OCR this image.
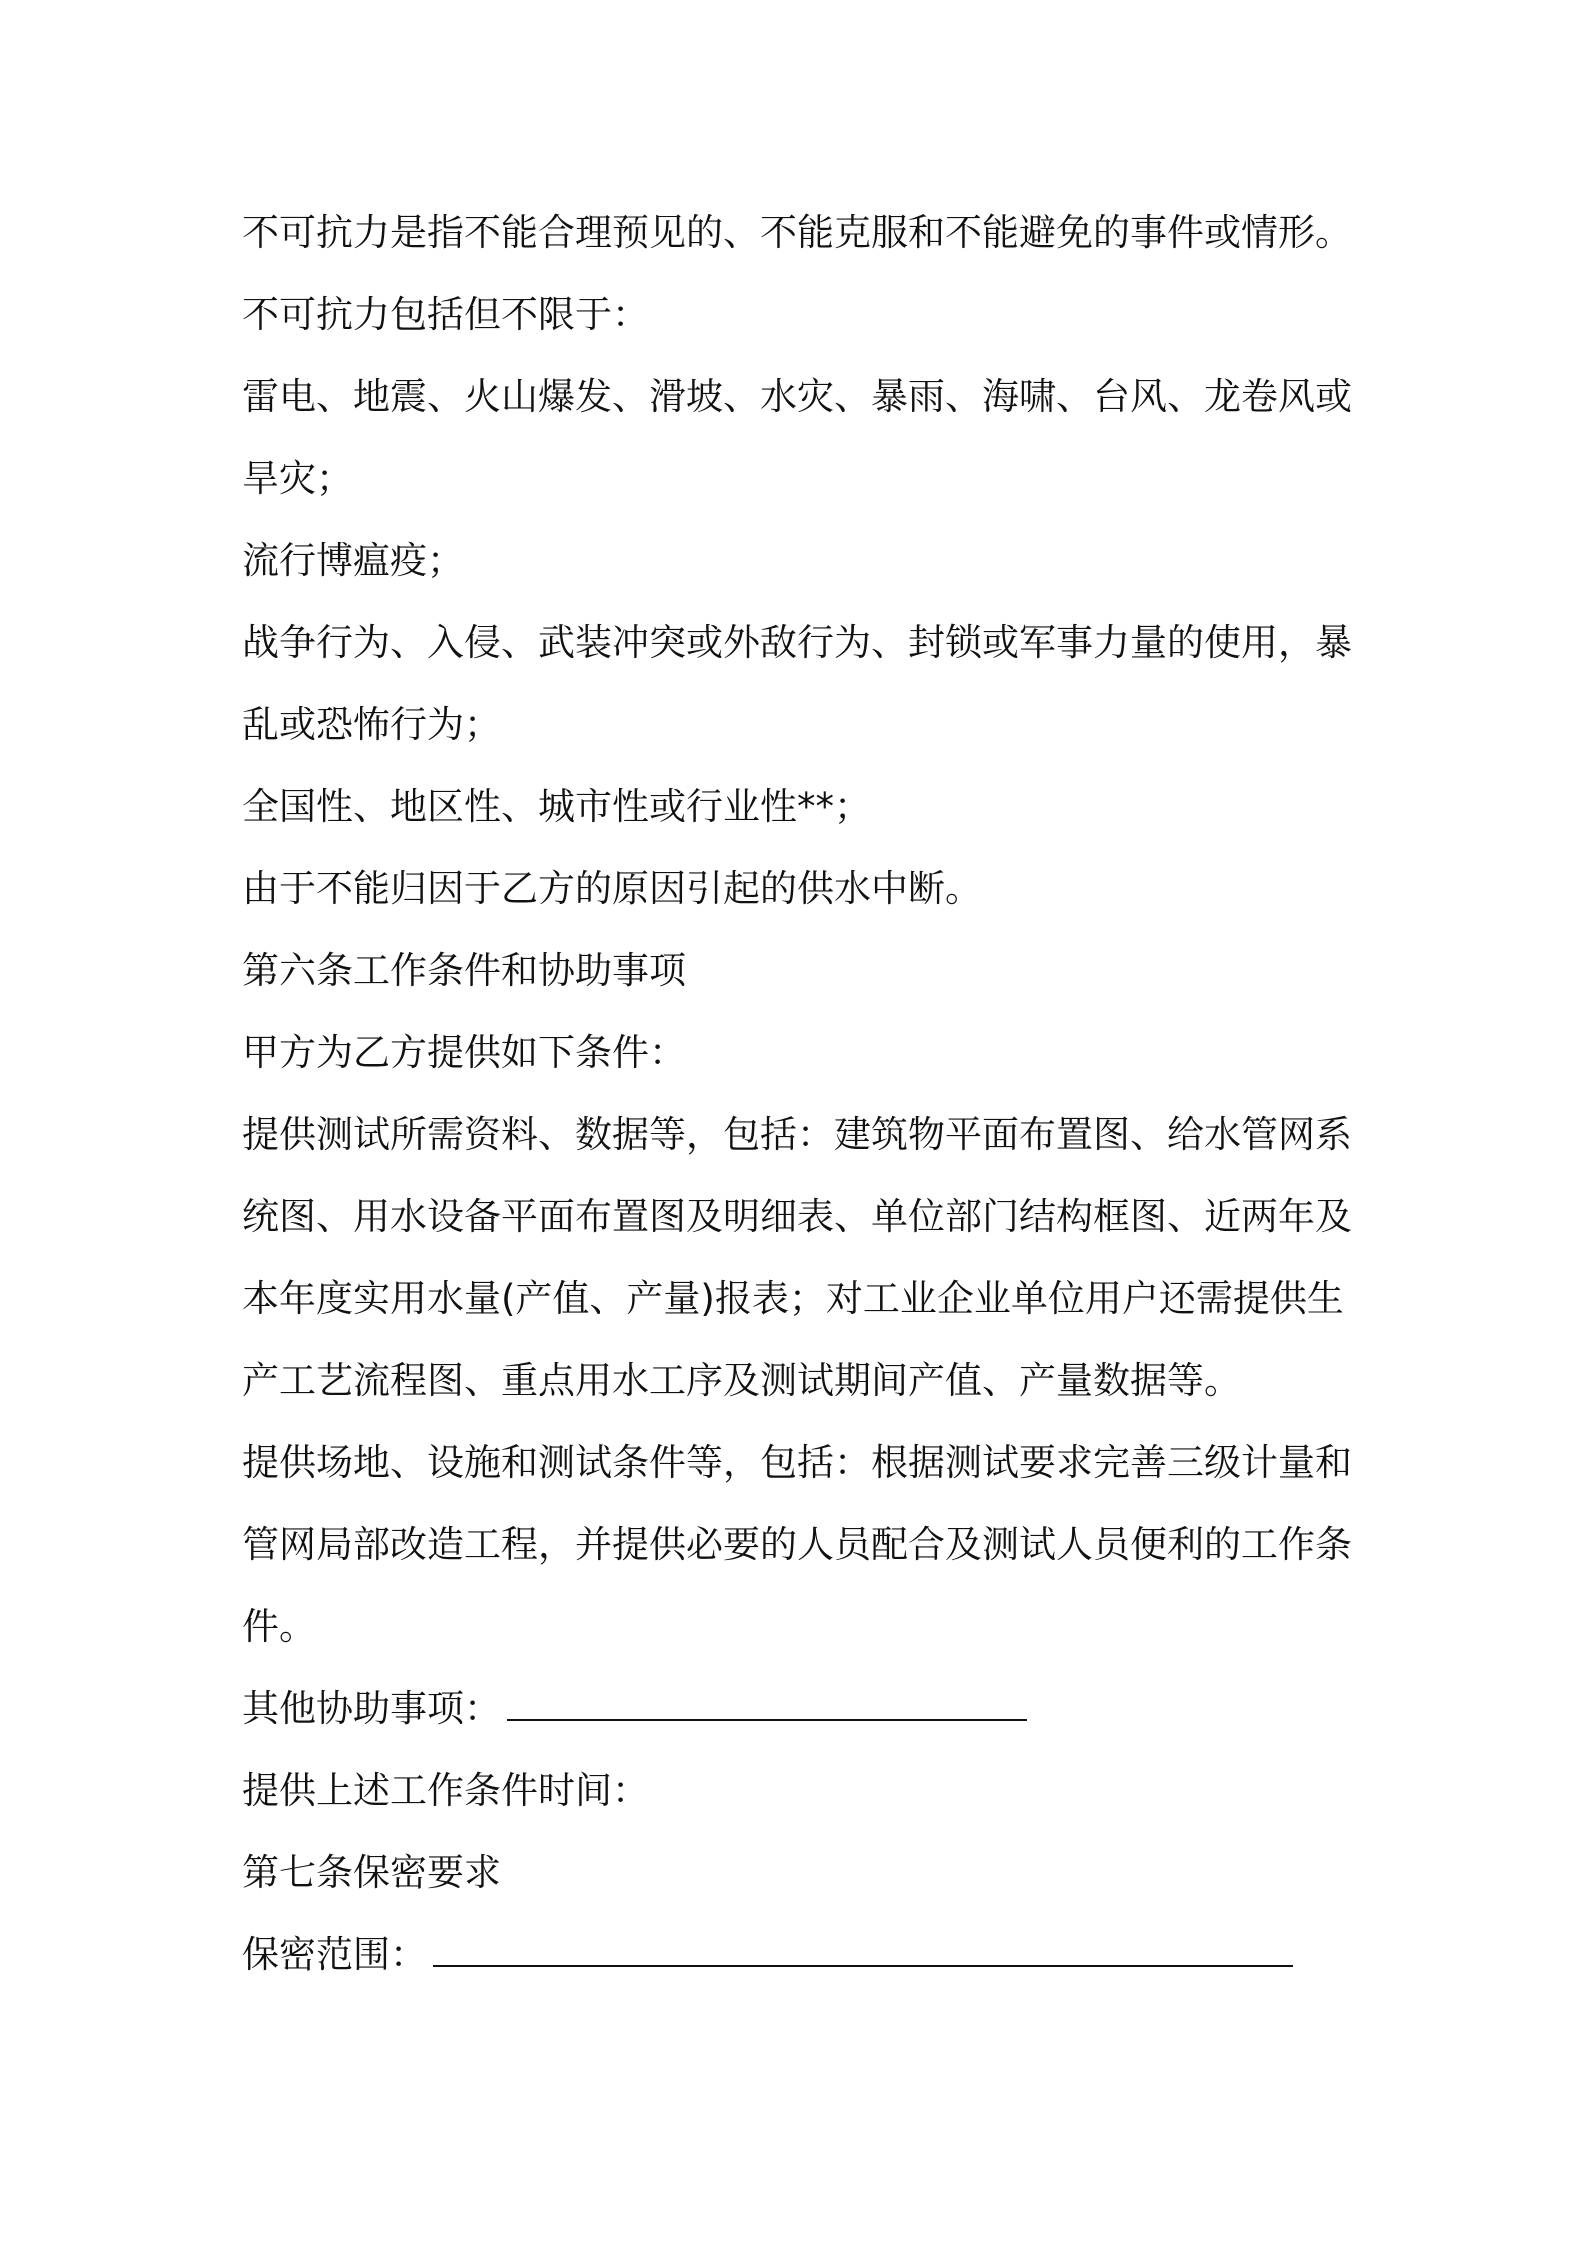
不可抗力是指不能合理预见的、不能克服和不能避免的事件或情形。
不可抗力包括但不限于：
雷电、地震、火山爆发、滑坡、水灾、暴雨、海啸、台风、龙卷风或
旱灾；
流行博瘟疫；
战争行为、入侵、武装冲突或外敌行为、封锁或军事力量的使用，暴
乱或恐怖行为；
全国性、地区性、城市性或行业性**；
由于不能归因于乙方的原因引起的供水中断。
第六条工作条件和协助事项
甲方为乙方提供如下条件：
提供测试所需资料、数据等，包括：建筑物平面布置图、给水管网系
统图、用水设备平面布置图及明细表、单位部门结构框图、近两年及
本年度实用水量(产值、产量)报表；对工业企业单位用户还需提供生
产工艺流程图、重点用水工序及测试期间产值、产量数据等。
提供场地、设施和测试条件等，包括：根据测试要求完善三级计量和
管网局部改造工程，并提供必要的人员配合及测试人员便利的工作条
件。
其他协助事项：
提供上述工作条件时间：
第七条保密要求
保密范围：
